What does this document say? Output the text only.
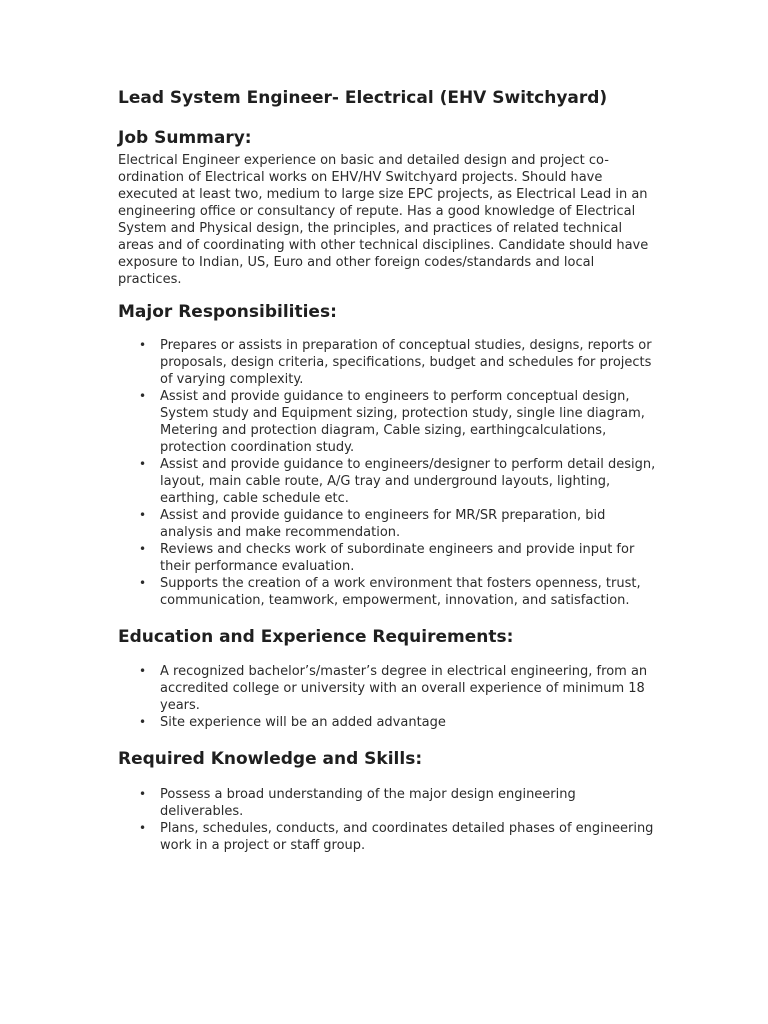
Lead System Engineer- Electrical (EHV Switchyard)
Job Summary:

Electrical Engineer experience on basic and detailed design and project co-ordination of Electrical works on EHV/HV Switchyard projects. Should have executed at least two, medium to large size EPC projects, as Electrical Lead in an engineering office or consultancy of repute. Has a good knowledge of Electrical System and Physical design, the principles, and practices of related technical areas and of coordinating with other technical disciplines. Candidate should have exposure to Indian, US, Euro and other foreign codes/standards and local practices.

Major Responsibilities:
• Prepares or assists in preparation of conceptual studies, designs, reports or proposals, design criteria, specifications, budget and schedules for projects of varying complexity.
• Assist and provide guidance to engineers to perform conceptual design, System study and Equipment sizing, protection study, single line diagram, Metering and protection diagram, Cable sizing, earthingcalculations, protection coordination study.
• Assist and provide guidance to engineers/designer to perform detail design, layout, main cable route, A/G tray and underground layouts, lighting, earthing, cable schedule etc.
• Assist and provide guidance to engineers for MR/SR preparation, bid analysis and make recommendation.
• Reviews and checks work of subordinate engineers and provide input for their performance evaluation.
• Supports the creation of a work environment that fosters openness, trust, communication, teamwork, empowerment, innovation, and satisfaction.
Education and Experience Requirements:
• A recognized bachelor’s/master’s degree in electrical engineering, from an accredited college or university with an overall experience of minimum 18 years.
• Site experience will be an added advantage
Required Knowledge and Skills:
• Possess a broad understanding of the major design engineering deliverables.
• Plans, schedules, conducts, and coordinates detailed phases of engineering work in a project or staff group.
